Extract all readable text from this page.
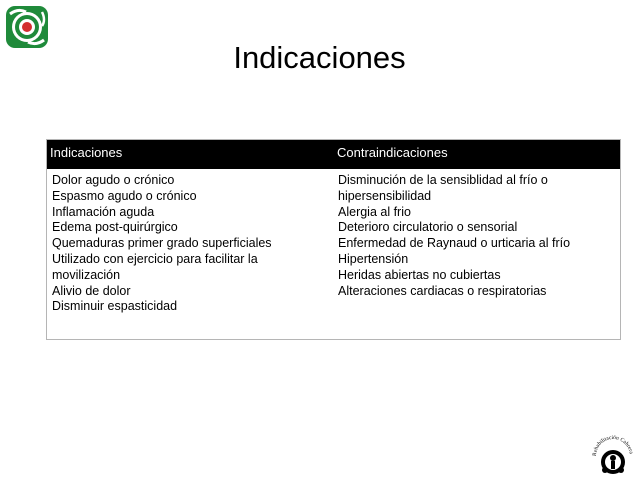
Indicaciones
Indicaciones	Contraindicaciones
Dolor agudo o crónico
Espasmo agudo o crónico
Inflamación aguda
Edema post-quirúrgico
Quemaduras primer grado superficiales
Utilizado con ejercicio para facilitar la movilización
Alivio de dolor
Disminuir espasticidad
Disminución de la sensiblidad al frío o hipersensibilidad
Alergia al frio
Deterioro circulatorio o sensorial
Enfermedad de Raynaud o urticaria al frío
Hipertensión
Heridas abiertas no cubiertas
Alteraciones cardiacas o respiratorias
Rehabilitación Cabrera
